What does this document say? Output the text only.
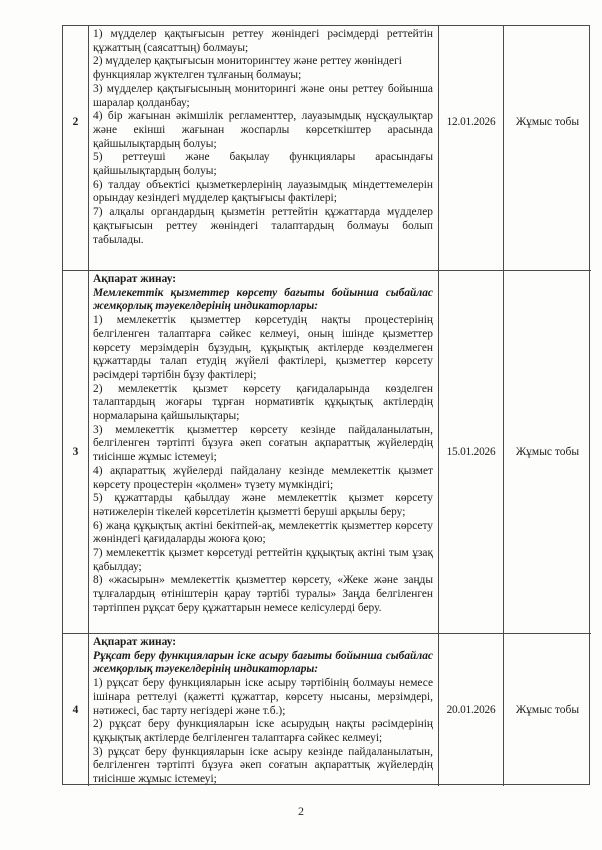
2

1) мүдделер қақтығысын реттеу жөніндегі рәсімдерді реттейтін құжаттың (саясаттың) болмауы;

2) мүдделер қақтығысын мониторингтеу және реттеу жөніндегі функциялар жүктелген тұлғаның болмауы;

3) мүдделер қақтығысының мониторингі және оны реттеу бойынша шаралар қолданбау;

4) бір жағынан әкімшілік регламенттер, лауазымдық нұсқаулықтар және екінші жағынан жоспарлы көрсеткіштер арасында қайшылықтардың болуы;

5) реттеуші және бақылау функциялары арасындағы қайшылықтардың болуы;

6) талдау объектісі қызметкерлерінің лауазымдық міндеттемелерін орындау кезіндегі мүдделер қақтығысы фактілері;

7) алқалы органдардың қызметін реттейтін құжаттарда мүдделер қақтығысын реттеу жөніндегі талаптардың болмауы болып табылады.

12.01.2026 Жұмыс тобы
3

Ақпарат жинау:

Мемлекеттік қызметтер көрсету бағыты бойынша сыбайлас жемқорлық тәуекелдерінің индикаторлары:

1) мемлекеттік қызметтер көрсетудің нақты процестерінің белгіленген талаптарға сәйкес келмеуі, оның ішінде қызметтер көрсету мерзімдерін бұзудың, құқықтық актілерде көзделмеген құжаттарды талап етудің жүйелі фактілері, қызметтер көрсету рәсімдері тәртібін бұзу фактілері;

2) мемлекеттік қызмет көрсету қағидаларында көзделген талаптардың жоғары тұрған нормативтік құқықтық актілердің нормаларына қайшылықтары;

3) мемлекеттік қызметтер көрсету кезінде пайдаланылатын, белгіленген тәртіпті бұзуға әкеп соғатын ақпараттық жүйелердің тиісінше жұмыс істемеуі;

4) ақпараттық жүйелерді пайдалану кезінде мемлекеттік қызмет көрсету процестерін «қолмен» түзету мүмкіндігі;

5) құжаттарды қабылдау және мемлекеттік қызмет көрсету нәтижелерін тікелей көрсетілетін қызметті беруші арқылы беру;

6) жаңа құқықтық актіні бекітпей-ақ, мемлекеттік қызметтер көрсету жөніндегі қағидаларды жоюға қою;

7) мемлекеттік қызмет көрсетуді реттейтін құқықтық актіні тым ұзақ қабылдау;

8) «жасырын» мемлекеттік қызметтер көрсету, «Жеке және заңды тұлғалардың өтініштерін қарау тәртібі туралы» Заңда белгіленген тәртіппен рұқсат беру құжаттарын немесе келісулерді беру.

15.01.2026 Жұмыс тобы
4

Ақпарат жинау:

Рұқсат беру функцияларын іске асыру бағыты бойынша сыбайлас жемқорлық тәуекелдерінің индикаторлары:

1) рұқсат беру функцияларын іске асыру тәртібінің болмауы немесе ішінара реттелуі (қажетті құжаттар, көрсету нысаны, мерзімдері, нәтижесі, бас тарту негіздері және т.б.);

2) рұқсат беру функцияларын іске асырудың нақты рәсімдерінің құқықтық актілерде белгіленген талаптарға сәйкес келмеуі;

3) рұқсат беру функцияларын іске асыру кезінде пайдаланылатын, белгіленген тәртіпті бұзуға әкеп соғатын ақпараттық жүйелердің тиісінше жұмыс істемеуі;

20.01.2026 Жұмыс тобы
2
